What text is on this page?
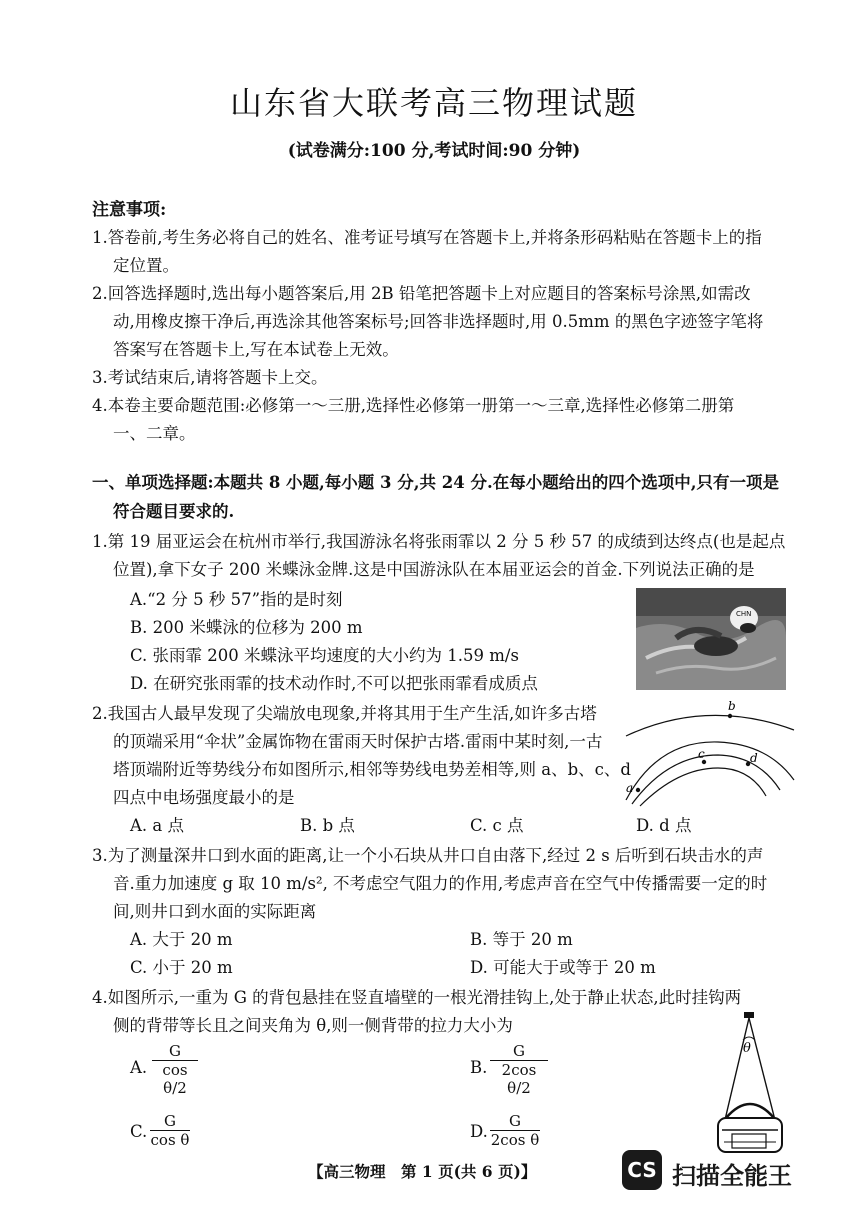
山东省大联考高三物理试题
(试卷满分:100 分,考试时间:90 分钟)
注意事项:
1.答卷前,考生务必将自己的姓名、准考证号填写在答题卡上,并将条形码粘贴在答题卡上的指
定位置。
2.回答选择题时,选出每小题答案后,用 2B 铅笔把答题卡上对应题目的答案标号涂黑,如需改
动,用橡皮擦干净后,再选涂其他答案标号;回答非选择题时,用 0.5mm 的黑色字迹签字笔将
答案写在答题卡上,写在本试卷上无效。
3.考试结束后,请将答题卡上交。
4.本卷主要命题范围:必修第一～三册,选择性必修第一册第一～三章,选择性必修第二册第
一、二章。
一、单项选择题:本题共 8 小题,每小题 3 分,共 24 分.在每小题给出的四个选项中,只有一项是
符合题目要求的.
1.第 19 届亚运会在杭州市举行,我国游泳名将张雨霏以 2 分 5 秒 57 的成绩到达终点(也是起点
位置),拿下女子 200 米蝶泳金牌.这是中国游泳队在本届亚运会的首金.下列说法正确的是
A.“2 分 5 秒 57”指的是时刻
B. 200 米蝶泳的位移为 200 m
C. 张雨霏 200 米蝶泳平均速度的大小约为 1.59 m/s
D. 在研究张雨霏的技术动作时,不可以把张雨霏看成质点
CHN
2.我国古人最早发现了尖端放电现象,并将其用于生产生活,如许多古塔
的顶端采用“伞状”金属饰物在雷雨天时保护古塔.雷雨中某时刻,一古
塔顶端附近等势线分布如图所示,相邻等势线电势差相等,则 a、b、c、d
四点中电场强度最小的是
A. a 点	B. b 点	C. c 点	D. d 点
b
c	d
a
3.为了测量深井口到水面的距离,让一个小石块从井口自由落下,经过 2 s 后听到石块击水的声
音.重力加速度 g 取 10 m/s², 不考虑空气阻力的作用,考虑声音在空气中传播需要一定的时
间,则井口到水面的实际距离
A. 大于 20 m	B. 等于 20 m
C. 小于 20 m	D. 可能大于或等于 20 m
4.如图所示,一重为 G 的背包悬挂在竖直墙壁的一根光滑挂钩上,处于静止状态,此时挂钩两
侧的背带等长且之间夹角为 θ,则一侧背带的拉力大小为
A.
G
cos θ/2
B.
G
2cos θ/2
C.
G
cos θ	D.
G
2cos θ
θ
【高三物理　第 1 页(共 6 页)】	CS 扫描全能王
